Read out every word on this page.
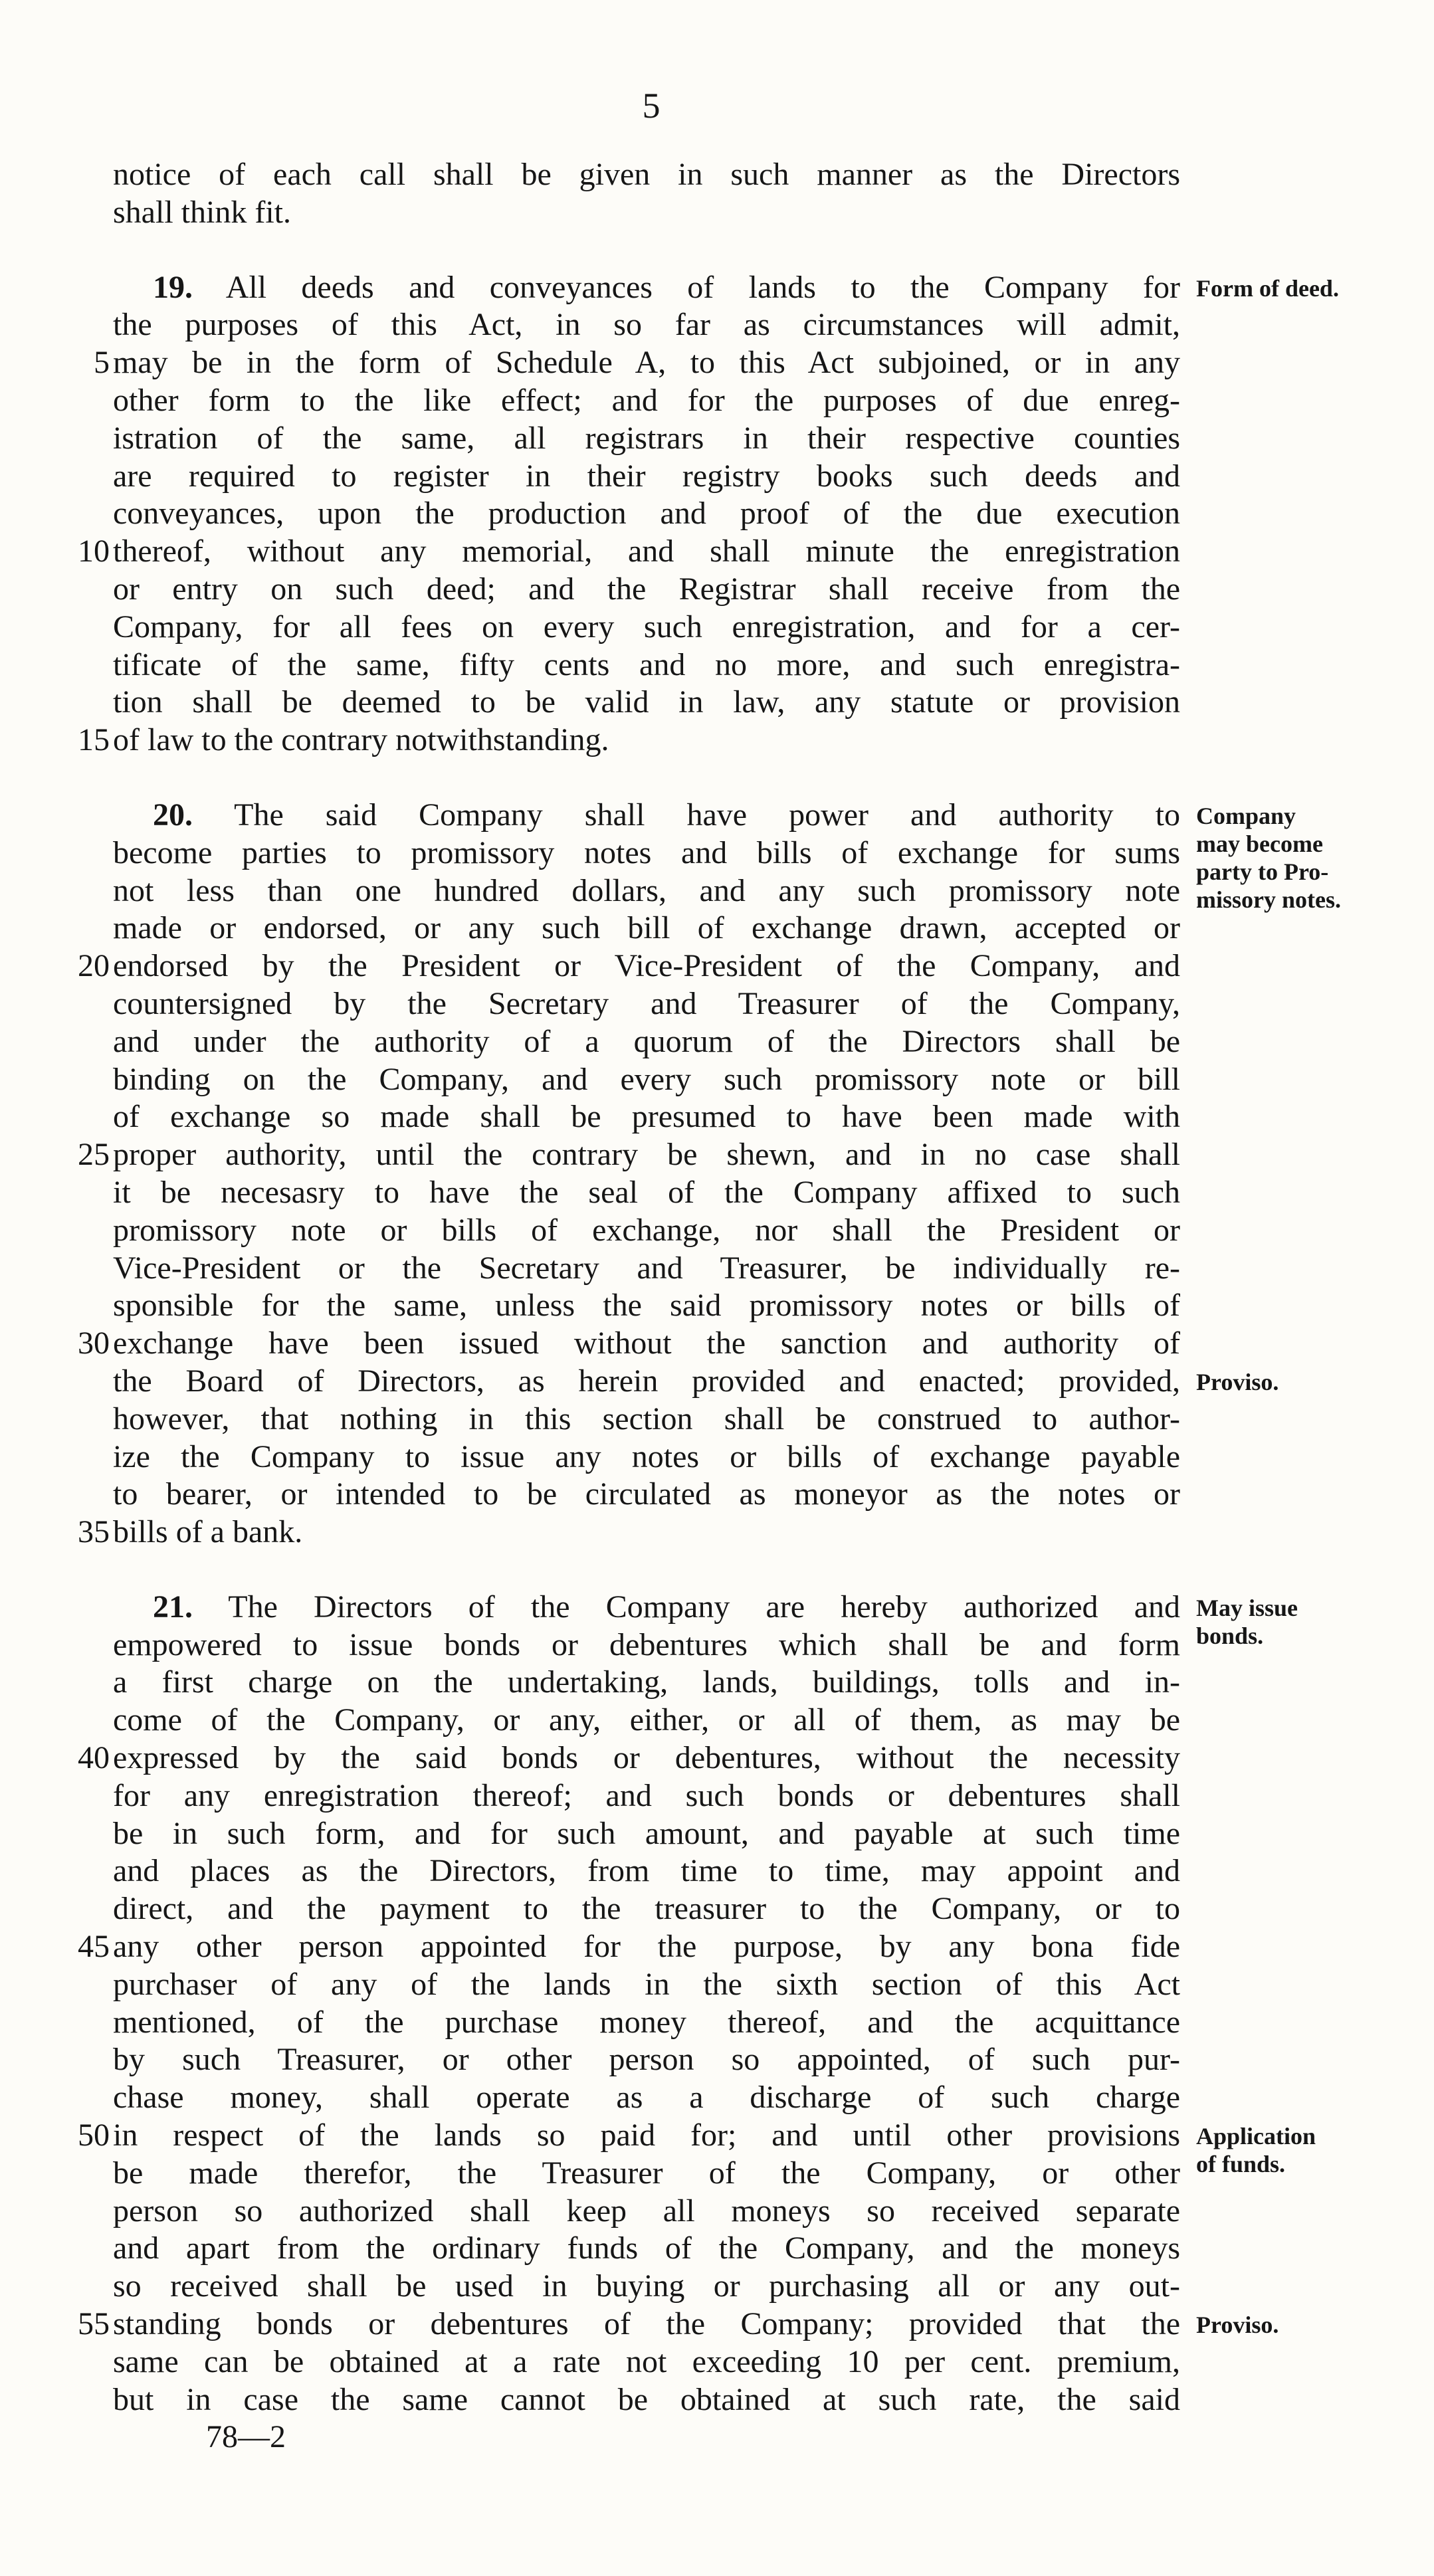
5
notice of each call shall be given in such manner as the Directors
shall think fit.
19. All deeds and conveyances of lands to the Company for Form of deed.
the purposes of this Act, in so far as circumstances will admit,
5 may be in the form of Schedule A, to this Act subjoined, or in any
other form to the like effect; and for the purposes of due enreg-
istration of the same, all registrars in their respective counties
are required to register in their registry books such deeds and
conveyances, upon the production and proof of the due execution
10 thereof, without any memorial, and shall minute the enregistration
or entry on such deed; and the Registrar shall receive from the
Company, for all fees on every such enregistration, and for a cer-
tificate of the same, fifty cents and no more, and such enregistra-
tion shall be deemed to be valid in law, any statute or provision
15 of law to the contrary notwithstanding.
20. The said Company shall have power and authority to Company
may become
party to Pro-
missory notes.
become parties to promissory notes and bills of exchange for sums
not less than one hundred dollars, and any such promissory note
made or endorsed, or any such bill of exchange drawn, accepted or
20 endorsed by the President or Vice-President of the Company, and
countersigned by the Secretary and Treasurer of the Company,
and under the authority of a quorum of the Directors shall be
binding on the Company, and every such promissory note or bill
of exchange so made shall be presumed to have been made with
25 proper authority, until the contrary be shewn, and in no case shall
it be necesasry to have the seal of the Company affixed to such
promissory note or bills of exchange, nor shall the President or
Vice-President or the Secretary and Treasurer, be individually re-
sponsible for the same, unless the said promissory notes or bills of
30 exchange have been issued without the sanction and authority of
the Board of Directors, as herein provided and enacted; provided, Proviso.
however, that nothing in this section shall be construed to author-
ize the Company to issue any notes or bills of exchange payable
to bearer, or intended to be circulated as moneyor as the notes or
35 bills of a bank.
21. The Directors of the Company are hereby authorized and May issue
bonds.
empowered to issue bonds or debentures which shall be and form
a first charge on the undertaking, lands, buildings, tolls and in-
come of the Company, or any, either, or all of them, as may be
40 expressed by the said bonds or debentures, without the necessity
for any enregistration thereof; and such bonds or debentures shall
be in such form, and for such amount, and payable at such time
and places as the Directors, from time to time, may appoint and
direct, and the payment to the treasurer to the Company, or to
45 any other person appointed for the purpose, by any bona fide
purchaser of any of the lands in the sixth section of this Act
mentioned, of the purchase money thereof, and the acquittance
by such Treasurer, or other person so appointed, of such pur-
chase money, shall operate as a discharge of such charge
50 in respect of the lands so paid for; and until other provisions Application
of funds.
be made therefor, the Treasurer of the Company, or other
person so authorized shall keep all moneys so received separate
and apart from the ordinary funds of the Company, and the moneys
so received shall be used in buying or purchasing all or any out-
55 standing bonds or debentures of the Company; provided that the Proviso.
same can be obtained at a rate not exceeding 10 per cent. premium,
but in case the same cannot be obtained at such rate, the said
78—2
